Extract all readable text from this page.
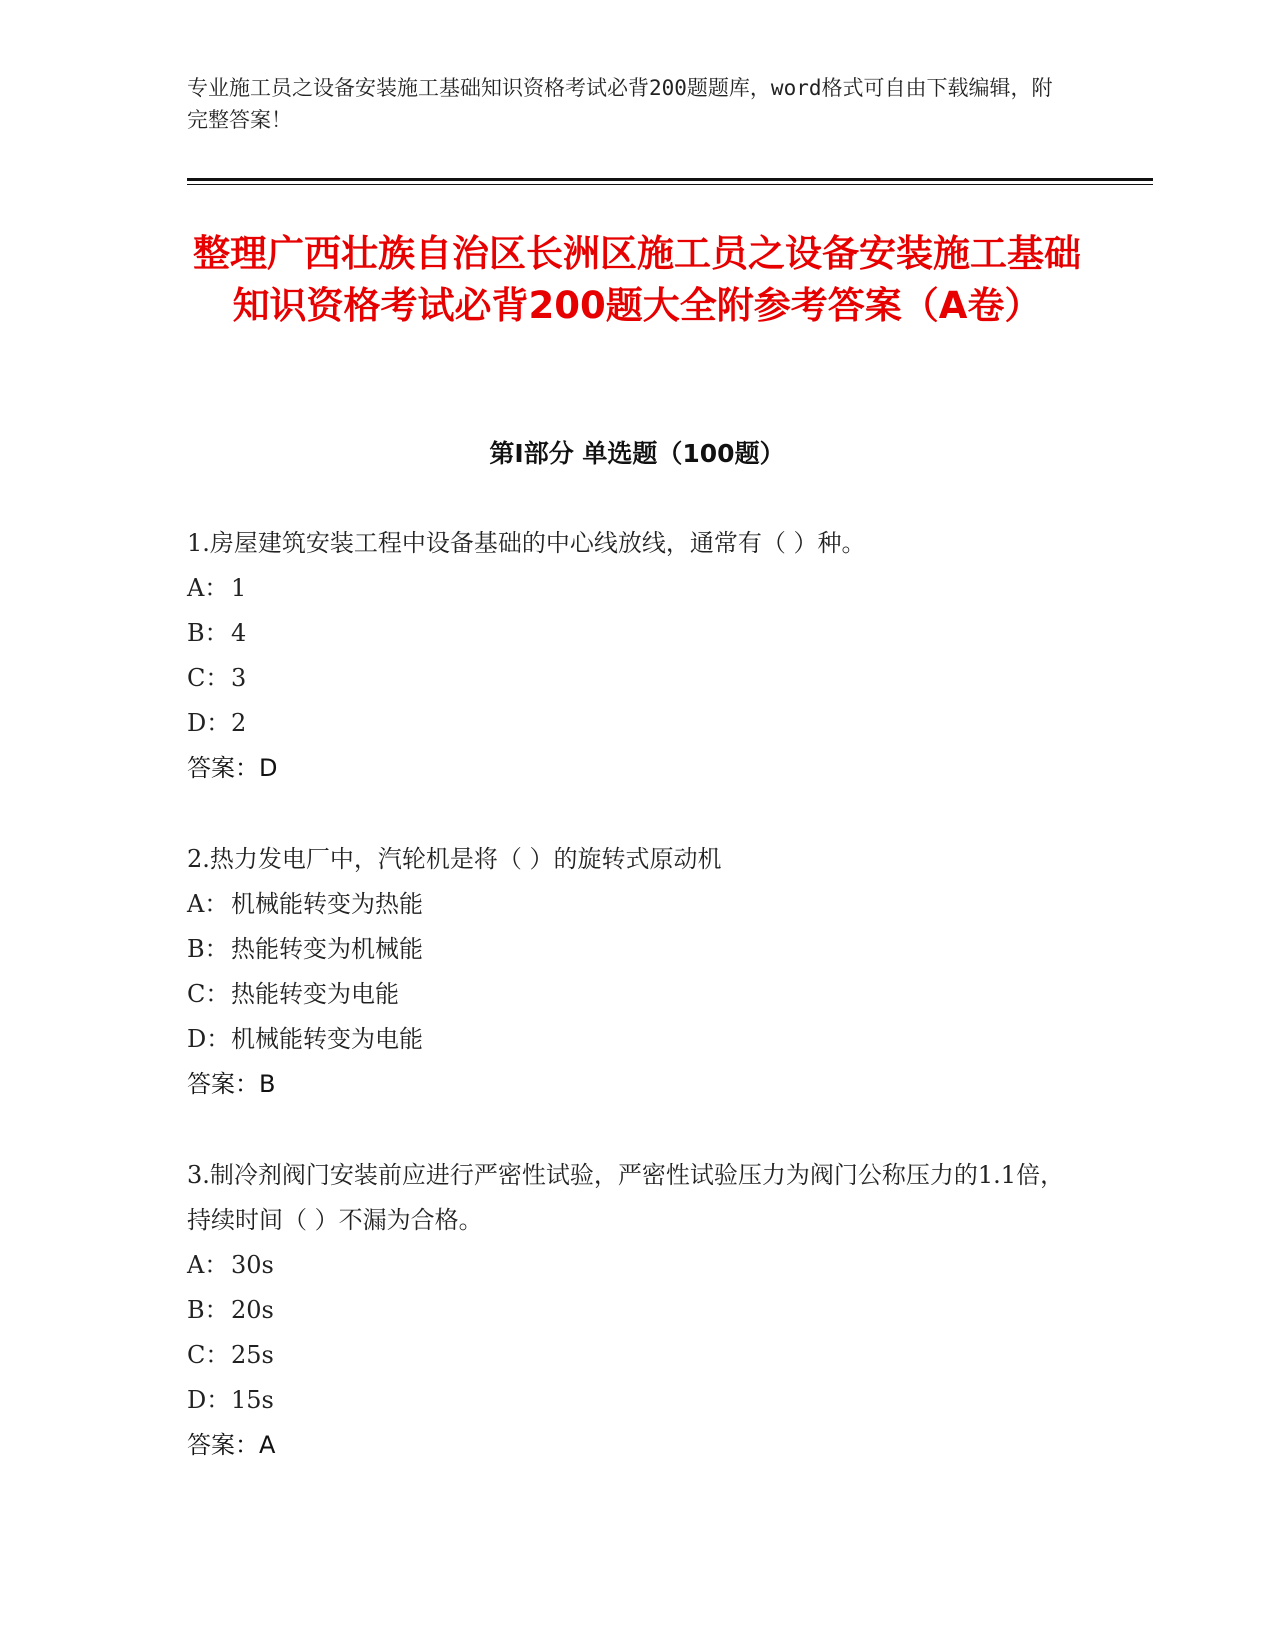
专业施工员之设备安装施工基础知识资格考试必背200题题库，word格式可自由下载编辑，附完整答案！
整理广西壮族自治区长洲区施工员之设备安装施工基础知识资格考试必背200题大全附参考答案（A卷）
第Ⅰ部分 单选题（100题）

1.房屋建筑安装工程中设备基础的中心线放线，通常有（ ）种。

A： 1

B：4

C：3

D：2

答案：D

2.热力发电厂中，汽轮机是将（ ）的旋转式原动机

A： 机械能转变为热能

B：热能转变为机械能

C：热能转变为电能

D：机械能转变为电能

答案：B

3.制冷剂阀门安装前应进行严密性试验，严密性试验压力为阀门公称压力的1.1倍，持续时间（ ）不漏为合格。

A： 30s

B：20s

C：25s

D：15s

答案：A
